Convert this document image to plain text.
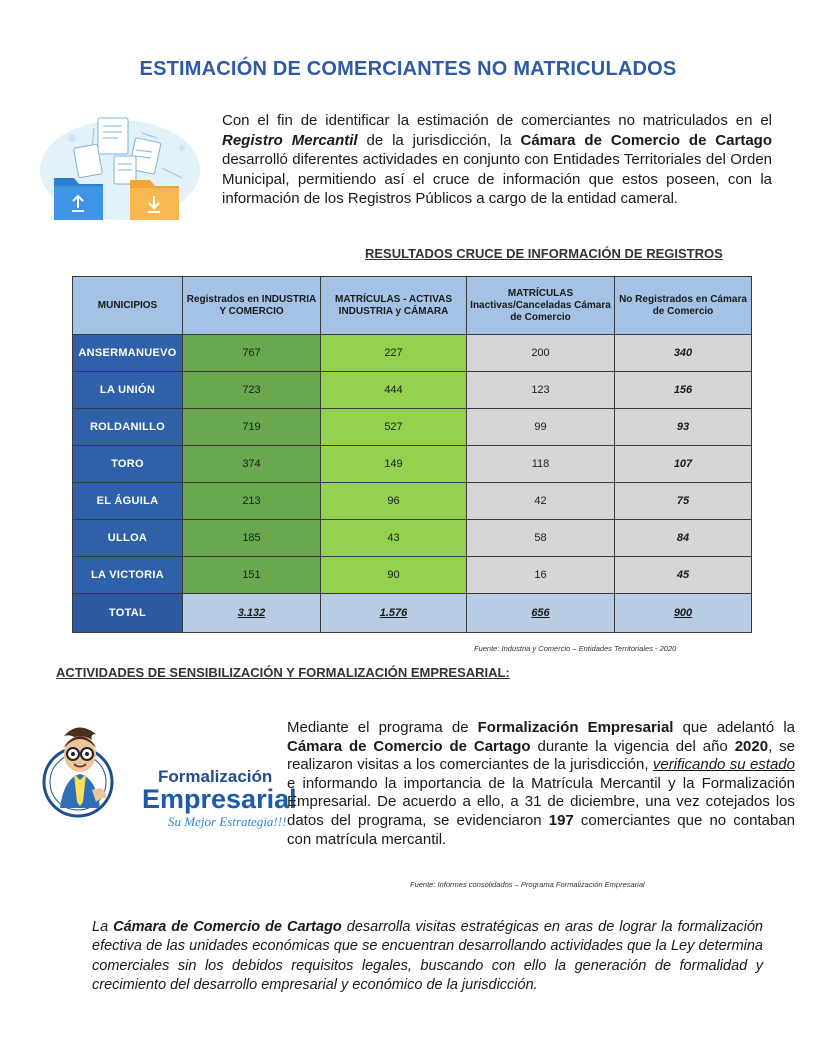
ESTIMACIÓN DE COMERCIANTES NO MATRICULADOS
Con el fin de identificar la estimación de comerciantes no matriculados en el Registro Mercantil de la jurisdicción, la Cámara de Comercio de Cartago desarrolló diferentes actividades en conjunto con Entidades Territoriales del Orden Municipal, permitiendo así el cruce de información que estos poseen, con la información de los Registros Públicos a cargo de la entidad cameral.
RESULTADOS CRUCE DE INFORMACIÓN DE REGISTROS
MUNICIPIOS	Registrados en INDUSTRIA Y COMERCIO	MATRÍCULAS - ACTIVAS INDUSTRIA y CÁMARA	MATRÍCULAS Inactivas/Canceladas Cámara de Comercio	No Registrados en Cámara de Comercio
ANSERMANUEVO	767	227	200	340
LA UNIÓN	723	444	123	156
ROLDANILLO	719	527	99	93
TORO	374	149	118	107
EL ÁGUILA	213	96	42	75
ULLOA	185	43	58	84
LA VICTORIA	151	90	16	45
TOTAL	3.132	1.576	656	900
Fuente: Industria y Comercio – Entidades Territoriales - 2020
ACTIVIDADES DE SENSIBILIZACIÓN Y FORMALIZACIÓN EMPRESARIAL:
Formalización
Empresarial
Su Mejor Estrategia!!!
Mediante el programa de Formalización Empresarial que adelantó la Cámara de Comercio de Cartago durante la vigencia del año 2020, se realizaron visitas a los comerciantes de la jurisdicción, verificando su estado e informando la importancia de la Matrícula Mercantil y la Formalización Empresarial. De acuerdo a ello, a 31 de diciembre, una vez cotejados los datos del programa, se evidenciaron 197 comerciantes que no contaban con matrícula mercantil.
Fuente: Informes consolidados – Programa Formalización Empresarial
La Cámara de Comercio de Cartago desarrolla visitas estratégicas en aras de lograr la formalización efectiva de las unidades económicas que se encuentran desarrollando actividades que la Ley determina comerciales sin los debidos requisitos legales, buscando con ello la generación de formalidad y crecimiento del desarrollo empresarial y económico de la jurisdicción.
